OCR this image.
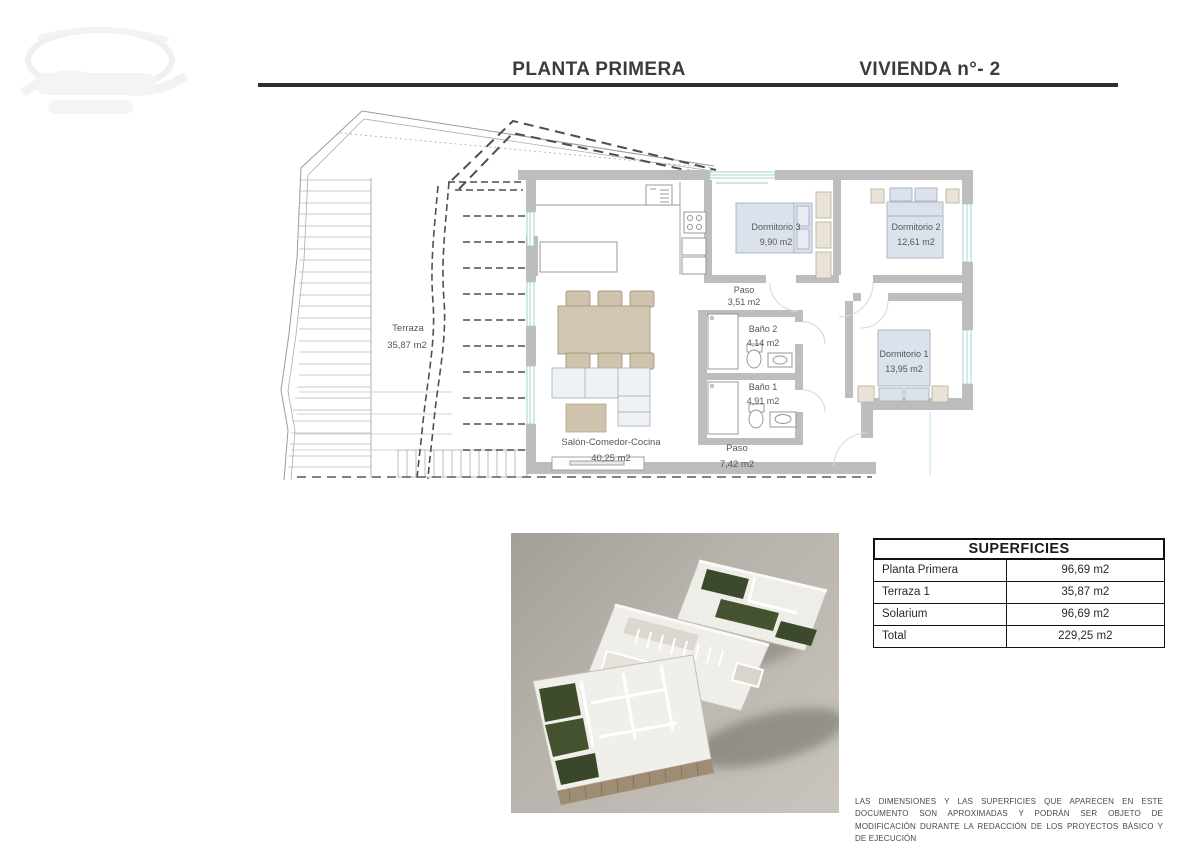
PLANTA PRIMERA	VIVIENDA n°- 2
Terraza
35,87 m2
Dormitorio 3
9,90 m2
Dormitorio 2
12,61 m2
Paso
3,51 m2
Baño 2
4,14 m2
Baño 1
4,91 m2
Dormitorio 1
13,95 m2
Salón-Comedor-Cocina
40,25 m2
Paso
7,42 m2
SUPERFICIES
Planta Primera	96,69 m2
Terraza 1	35,87 m2
Solarium	96,69 m2
Total	229,25 m2
LAS DIMENSIONES Y LAS SUPERFICIES QUE APARECEN EN ESTE DOCUMENTO SON APROXIMADAS Y PODRÁN SER OBJETO DE MODIFICACIÓN DURANTE LA REDACCIÓN DE LOS PROYECTOS BÁSICO Y DE EJECUCIÓN
